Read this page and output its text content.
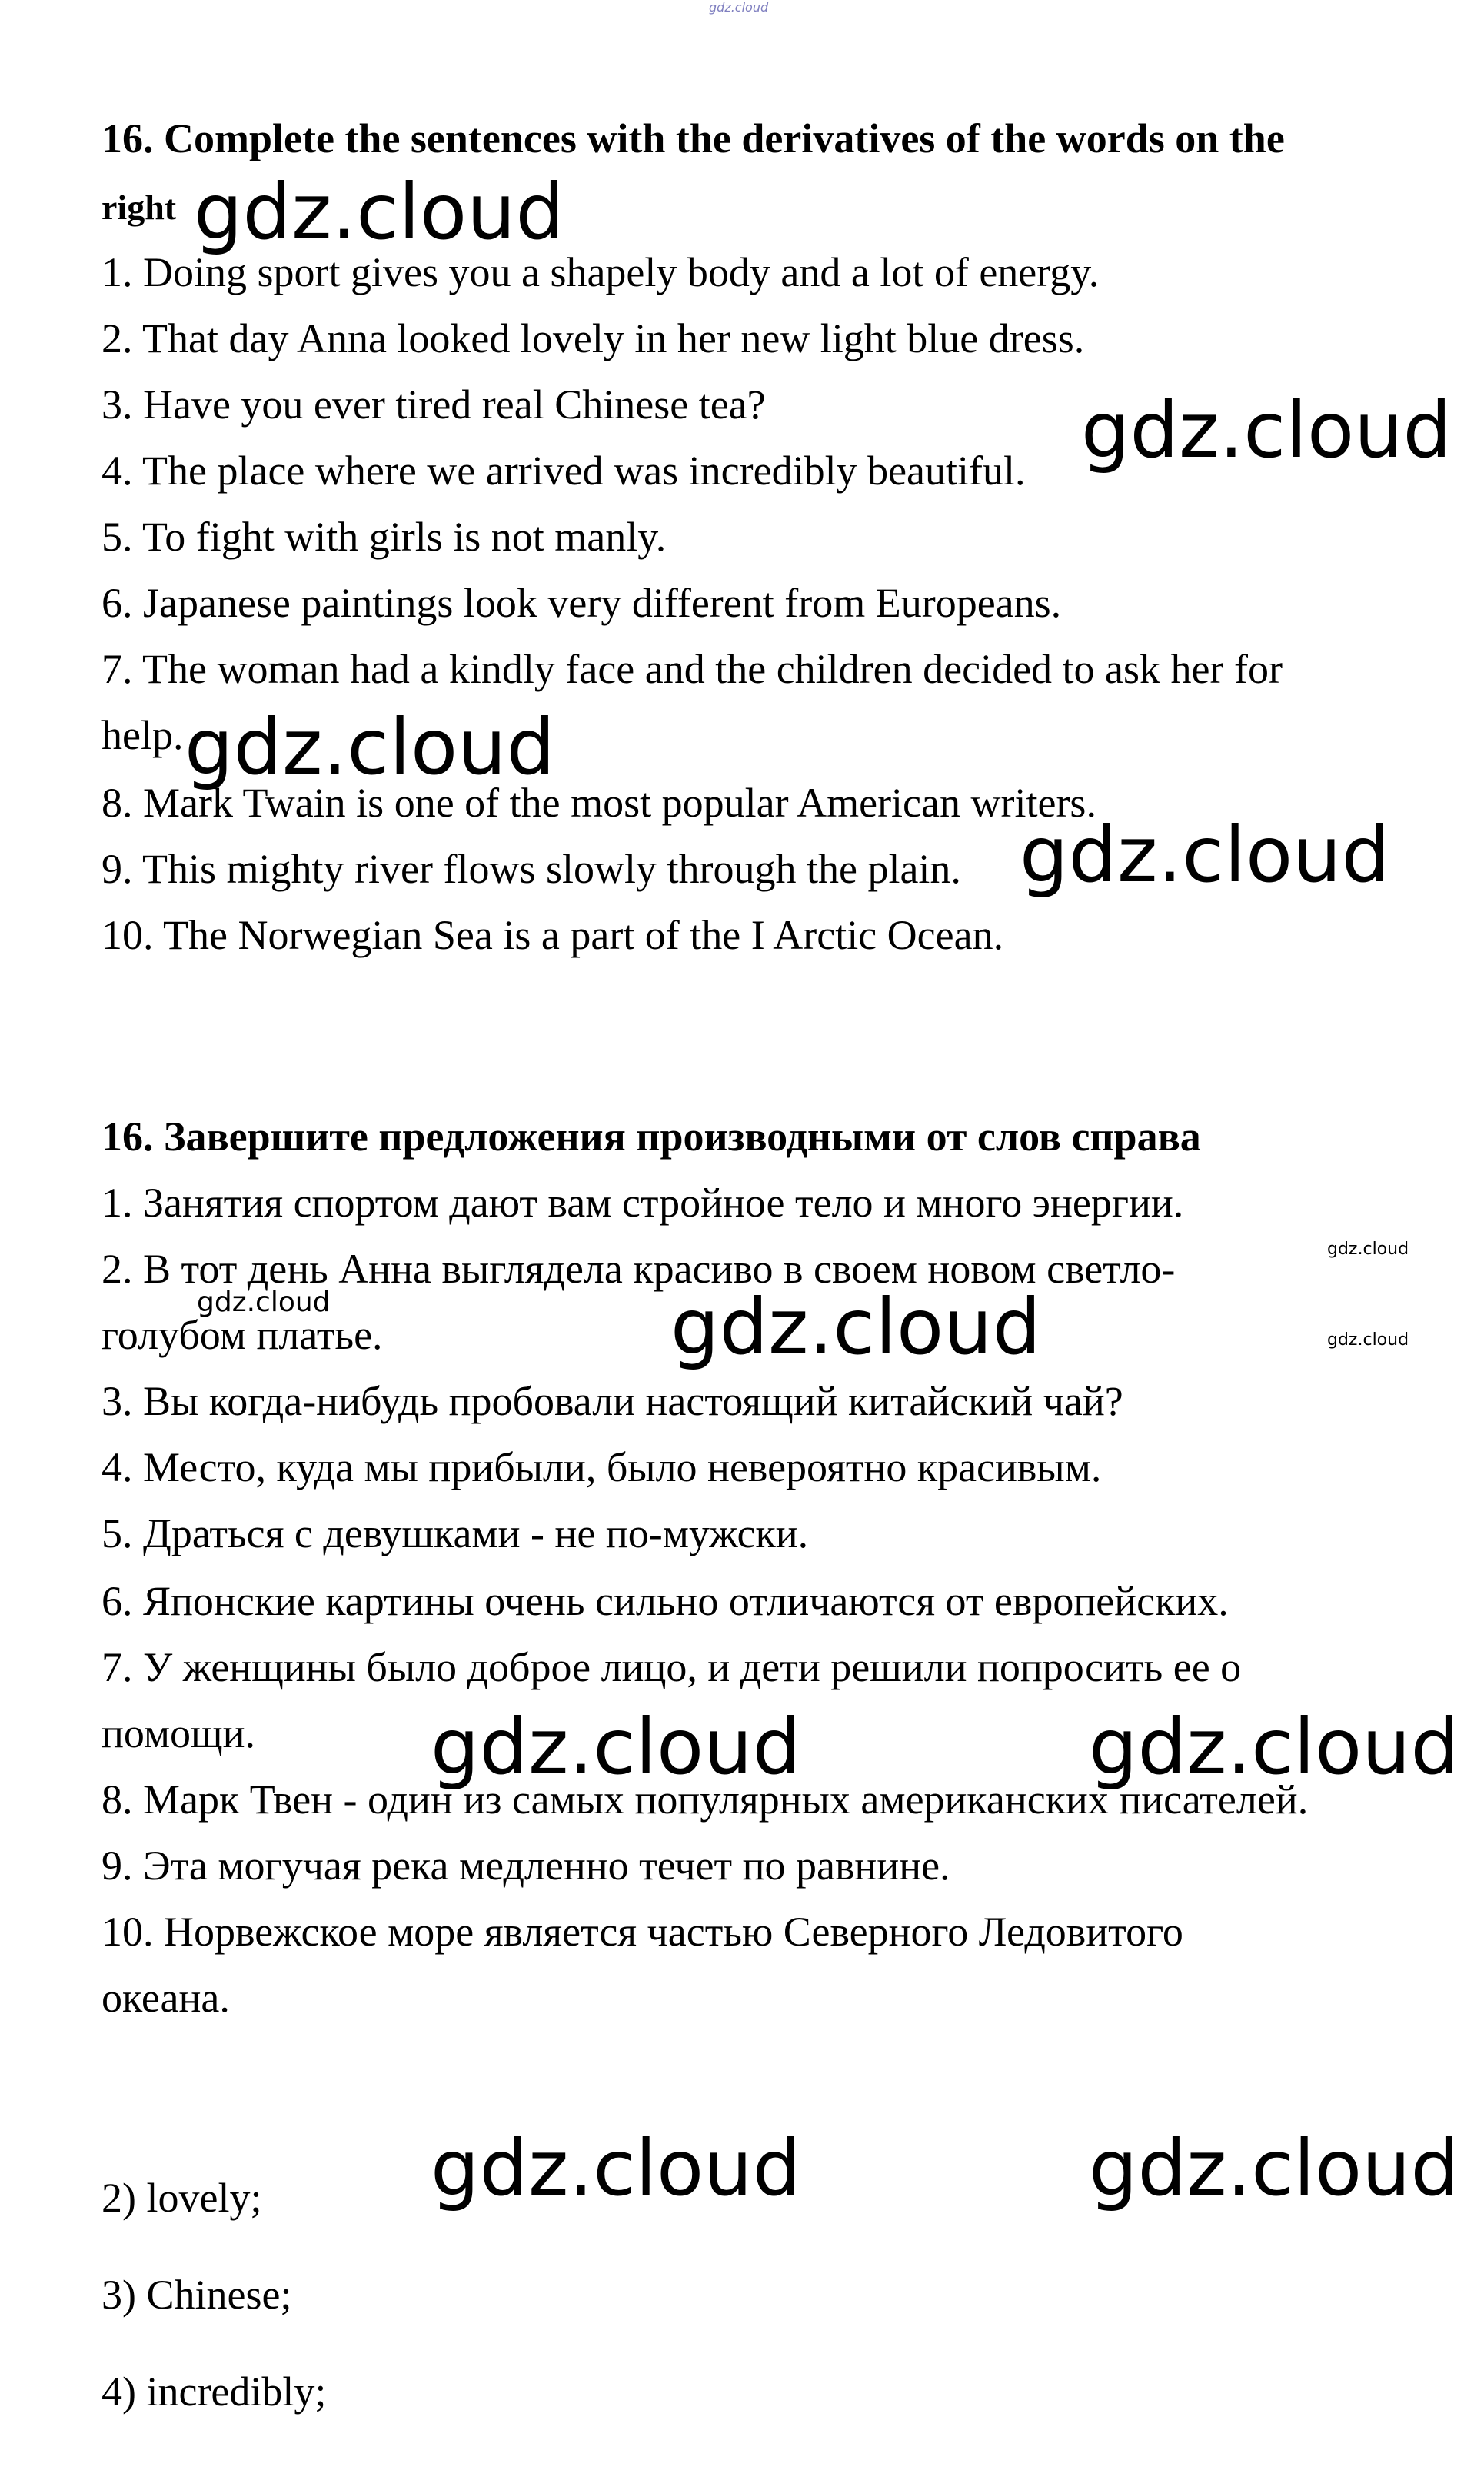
gdz.cloud
16. Complete the sentences with the derivatives of the words on the
right
1. Doing sport gives you a shapely body and a lot of energy.
2. That day Anna looked lovely in her new light blue dress.
3. Have you ever tired real Chinese tea?
4. The place where we arrived was incredibly beautiful.
5. To fight with girls is not manly.
6. Japanese paintings look very different from Europeans.
7. The woman had a kindly face and the children decided to ask her for
help.
8. Mark Twain is one of the most popular American writers.
9. This mighty river flows slowly through the plain.
10. The Norwegian Sea is a part of the I Arctic Ocean.
16. Завершите предложения производными от слов справа
1. Занятия спортом дают вам стройное тело и много энергии.
2. В тот день Анна выглядела красиво в своем новом светло-
голубом платье.
3. Вы когда-нибудь пробовали настоящий китайский чай?
4. Место, куда мы прибыли, было невероятно красивым.
5. Драться с девушками - не по-мужски.
6. Японские картины очень сильно отличаются от европейских.
7. У женщины было доброе лицо, и дети решили попросить ее о
помощи.
8. Марк Твен - один из самых популярных американских писателей.
9. Эта могучая река медленно течет по равнине.
10. Норвежское море является частью Северного Ледовитого
океана.
2) lovely;
3) Chinese;
4) incredibly;
gdz.cloud
gdz.cloud
gdz.cloud
gdz.cloud
gdz.cloud
gdz.cloud	gdz.cloud
gdz.cloud	gdz.cloud
gdz.cloud
gdz.cloud
gdz.cloud
